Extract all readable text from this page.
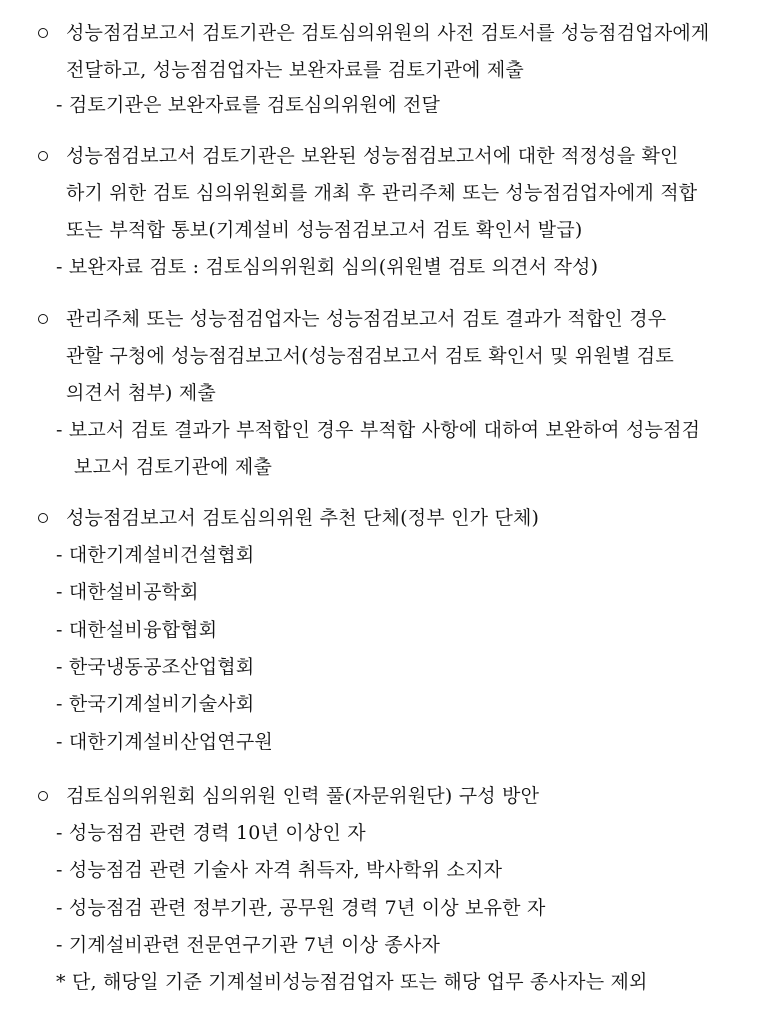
성능점검보고서 검토기관은 검토심의위원의 사전 검토서를 성능점검업자에게
전달하고, 성능점검업자는 보완자료를 검토기관에 제출
- 검토기관은 보완자료를 검토심의위원에 전달
성능점검보고서 검토기관은 보완된 성능점검보고서에 대한 적정성을 확인
하기 위한 검토 심의위원회를 개최 후 관리주체 또는 성능점검업자에게 적합
또는 부적합 통보(기계설비 성능점검보고서 검토 확인서 발급)
- 보완자료 검토 : 검토심의위원회 심의(위원별 검토 의견서 작성)
관리주체 또는 성능점검업자는 성능점검보고서 검토 결과가 적합인 경우
관할 구청에 성능점검보고서(성능점검보고서 검토 확인서 및 위원별 검토
의견서 첨부) 제출
- 보고서 검토 결과가 부적합인 경우 부적합 사항에 대하여 보완하여 성능점검
보고서 검토기관에 제출
성능점검보고서 검토심의위원 추천 단체(정부 인가 단체)
- 대한기계설비건설협회
- 대한설비공학회
- 대한설비융합협회
- 한국냉동공조산업협회
- 한국기계설비기술사회
- 대한기계설비산업연구원
검토심의위원회 심의위원 인력 풀(자문위원단) 구성 방안
- 성능점검 관련 경력 10년 이상인 자
- 성능점검 관련 기술사 자격 취득자, 박사학위 소지자
- 성능점검 관련 정부기관, 공무원 경력 7년 이상 보유한 자
- 기계설비관련 전문연구기관 7년 이상 종사자
* 단, 해당일 기준 기계설비성능점검업자 또는 해당 업무 종사자는 제외
